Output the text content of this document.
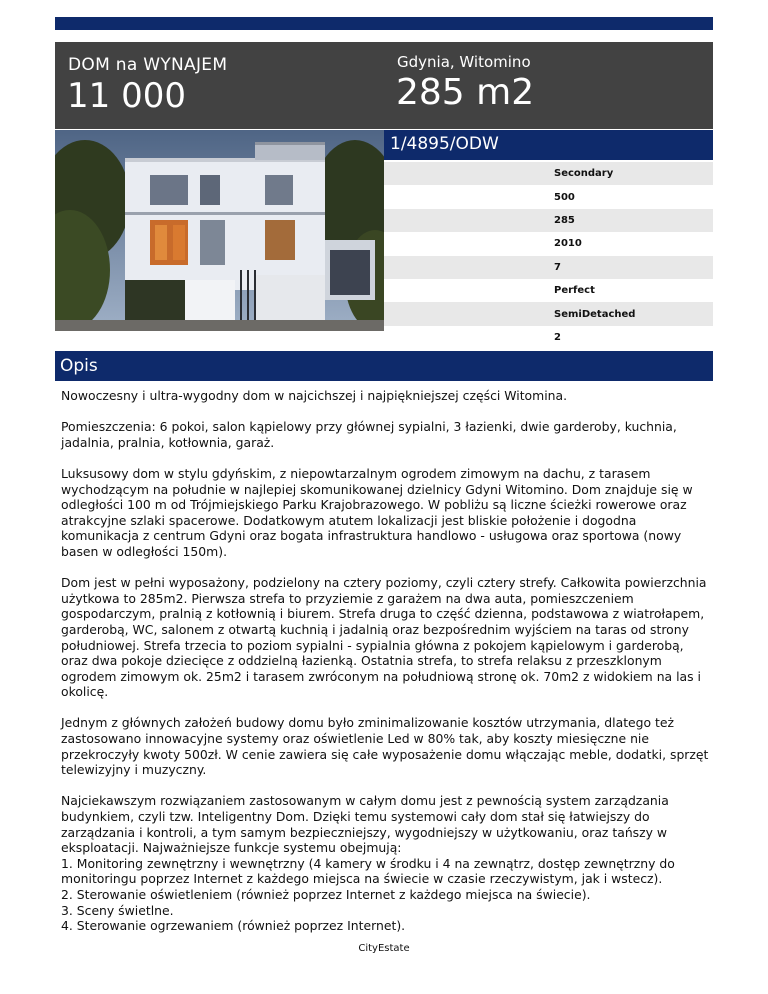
DOM na WYNAJEM
11 000
Gdynia, Witomino
285 m2
1/4895/ODW
Secondary
500
285
2010
7
Perfect
SemiDetached
2
Opis

Nowoczesny i ultra-wygodny dom w najcichszej i najpiękniejszej części Witomina.

Pomieszczenia: 6 pokoi, salon kąpielowy przy głównej sypialni, 3 łazienki, dwie garderoby, kuchnia, jadalnia, pralnia, kotłownia, garaż.

Luksusowy dom w stylu gdyńskim, z niepowtarzalnym ogrodem zimowym na dachu, z tarasem wychodzącym na południe w najlepiej skomunikowanej dzielnicy Gdyni Witomino. Dom znajduje się w odległości 100 m od Trójmiejskiego Parku Krajobrazowego. W pobliżu są liczne ścieżki rowerowe oraz atrakcyjne szlaki spacerowe. Dodatkowym atutem lokalizacji jest bliskie położenie i dogodna komunikacja z centrum Gdyni oraz bogata infrastruktura handlowo - usługowa oraz sportowa (nowy basen w odległości 150m).

Dom jest w pełni wyposażony, podzielony na cztery poziomy, czyli cztery strefy. Całkowita powierzchnia użytkowa to 285m2. Pierwsza strefa to przyziemie z garażem na dwa auta, pomieszczeniem gospodarczym, pralnią z kotłownią i biurem. Strefa druga to część dzienna, podstawowa z wiatrołapem, garderobą, WC, salonem z otwartą kuchnią i jadalnią oraz bezpośrednim wyjściem na taras od strony południowej. Strefa trzecia to poziom sypialni - sypialnia główna z pokojem kąpielowym i garderobą, oraz dwa pokoje dziecięce z oddzielną łazienką. Ostatnia strefa, to strefa relaksu z przeszklonym ogrodem zimowym ok. 25m2 i tarasem zwróconym na południową stronę ok. 70m2 z widokiem na las i okolicę.

Jednym z głównych założeń budowy domu było zminimalizowanie kosztów utrzymania, dlatego też zastosowano innowacyjne systemy oraz oświetlenie Led w 80% tak, aby koszty miesięczne nie przekroczyły kwoty 500zł. W cenie zawiera się całe wyposażenie domu włączając meble, dodatki, sprzęt telewizyjny i muzyczny.

Najciekawszym rozwiązaniem zastosowanym w całym domu jest z pewnością system zarządzania budynkiem, czyli tzw. Inteligentny Dom. Dzięki temu systemowi cały dom stał się łatwiejszy do zarządzania i kontroli, a tym samym bezpieczniejszy, wygodniejszy w użytkowaniu, oraz tańszy w eksploatacji. Najważniejsze funkcje systemu obejmują:

1. Monitoring zewnętrzny i wewnętrzny (4 kamery w środku i 4 na zewnątrz, dostęp zewnętrzny do monitoringu poprzez Internet z każdego miejsca na świecie w czasie rzeczywistym, jak i wstecz).
2. Sterowanie oświetleniem (również poprzez Internet z każdego miejsca na świecie).
3. Sceny świetlne.
4. Sterowanie ogrzewaniem (również poprzez Internet).
CityEstate
